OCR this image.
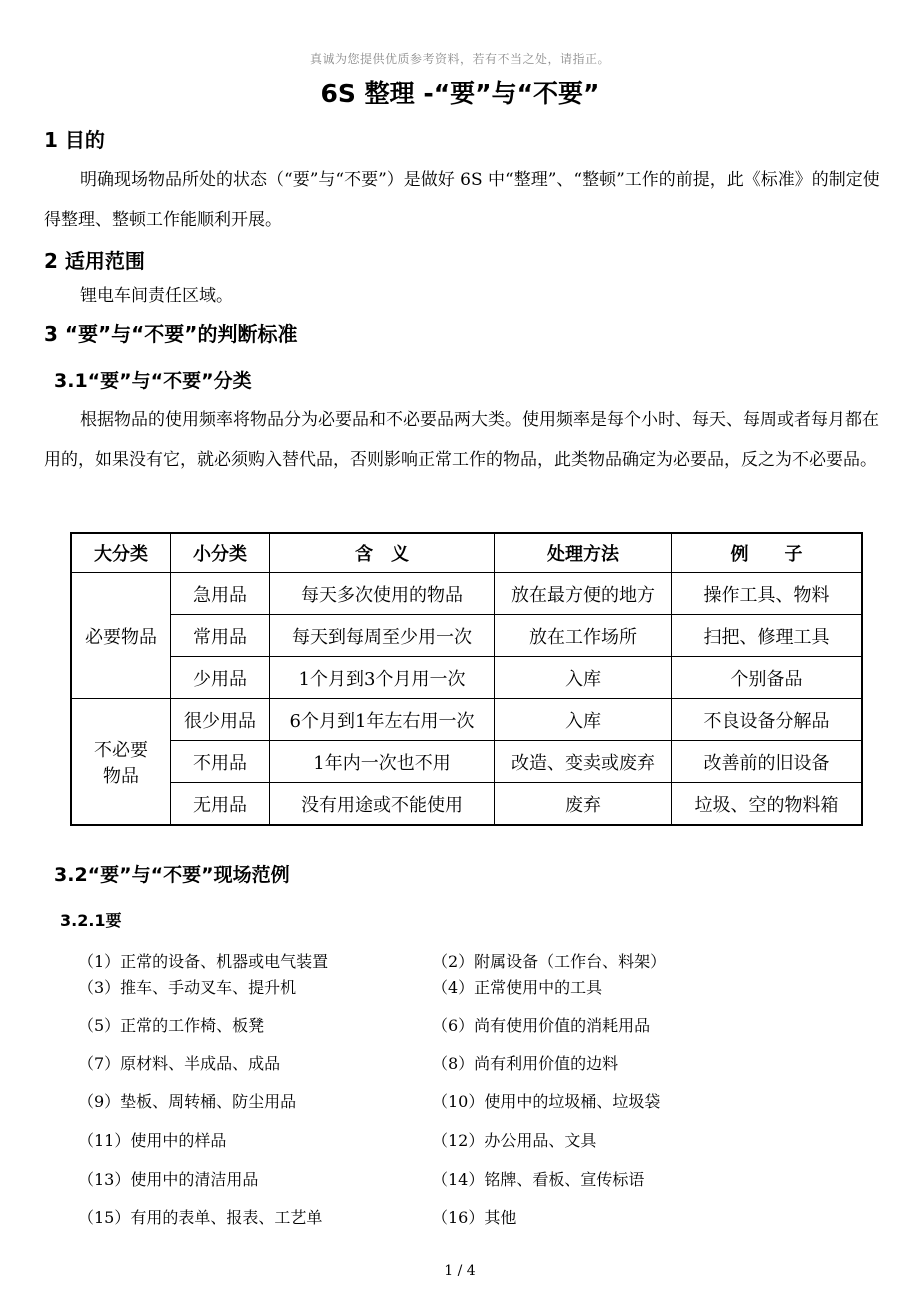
真诚为您提供优质参考资料，若有不当之处，请指正。
6S 整理 -“要”与“不要”
1 目的

明确现场物品所处的状态（“要”与“不要”）是做好 6S 中“整理”、“整顿”工作的前提，此《标准》的制定使得整理、整顿工作能顺利开展。

2 适用范围

锂电车间责任区域。

3 “要”与“不要”的判断标准
3.1“要”与“不要”分类

根据物品的使用频率将物品分为必要品和不必要品两大类。使用频率是每个小时、每天、每周或者每月都在用的，如果没有它，就必须购入替代品，否则影响正常工作的物品，此类物品确定为必要品，反之为不必要品。

大分类	小分类	含　义	处理方法	例　　子
必要物品	急用品	每天多次使用的物品	放在最方便的地方	操作工具、物料
	常用品	每天到每周至少用一次	放在工作场所	扫把、修理工具
	少用品	1个月到3个月用一次	入库	个别备品
不必要物品	很少用品	6个月到1年左右用一次	入库	不良设备分解品
	不用品	1年内一次也不用	改造、变卖或废弃	改善前的旧设备
	无用品	没有用途或不能使用	废弃	垃圾、空的物料箱
3.2“要”与“不要”现场范例
3.2.1要
（1）正常的设备、机器或电气装置	（2）附属设备（工作台、料架）
（3）推车、手动叉车、提升机	（4）正常使用中的工具
（5）正常的工作椅、板凳	（6）尚有使用价值的消耗用品
（7）原材料、半成品、成品	（8）尚有利用价值的边料
（9）垫板、周转桶、防尘用品	（10）使用中的垃圾桶、垃圾袋
（11）使用中的样品	（12）办公用品、文具
（13）使用中的清洁用品	（14）铭牌、看板、宣传标语
（15）有用的表单、报表、工艺单	（16）其他
1 / 4
